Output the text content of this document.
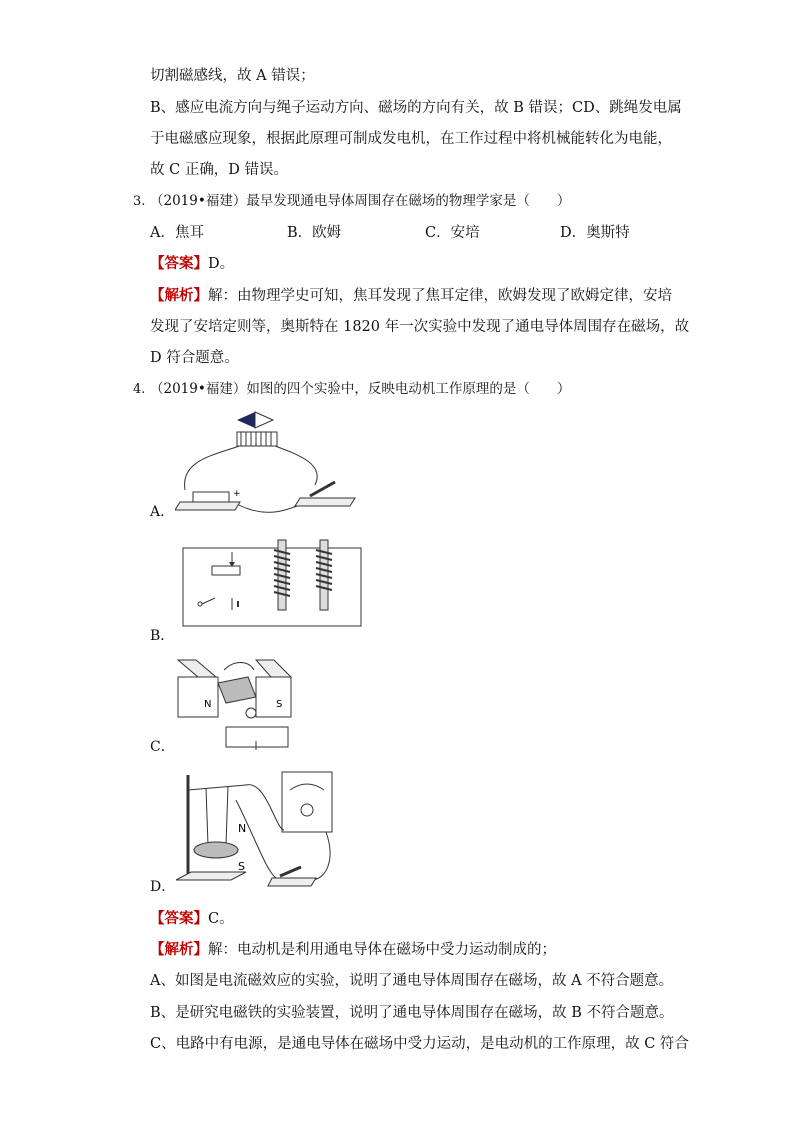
切割磁感线，故 A 错误；
B、感应电流方向与绳子运动方向、磁场的方向有关，故 B 错误；CD、跳绳发电属
于电磁感应现象，根据此原理可制成发电机，在工作过程中将机械能转化为电能，
故 C 正确，D 错误。
3. （2019•福建）最早发现通电导体周围存在磁场的物理学家是（　　）
A．焦耳	B．欧姆	C．安培	D．奥斯特
【答案】D。
【解析】解：由物理学史可知，焦耳发现了焦耳定律，欧姆发现了欧姆定律，安培
发现了安培定则等，奥斯特在 1820 年一次实验中发现了通电导体周围存在磁场，故
D 符合题意。
4. （2019•福建）如图的四个实验中，反映电动机工作原理的是（　　）
+
A．
B．
N	S
C．
N
S
D．
【答案】C。
【解析】解：电动机是利用通电导体在磁场中受力运动制成的；
A、如图是电流磁效应的实验，说明了通电导体周围存在磁场，故 A 不符合题意。
B、是研究电磁铁的实验装置，说明了通电导体周围存在磁场，故 B 不符合题意。
C、电路中有电源，是通电导体在磁场中受力运动，是电动机的工作原理，故 C 符合
